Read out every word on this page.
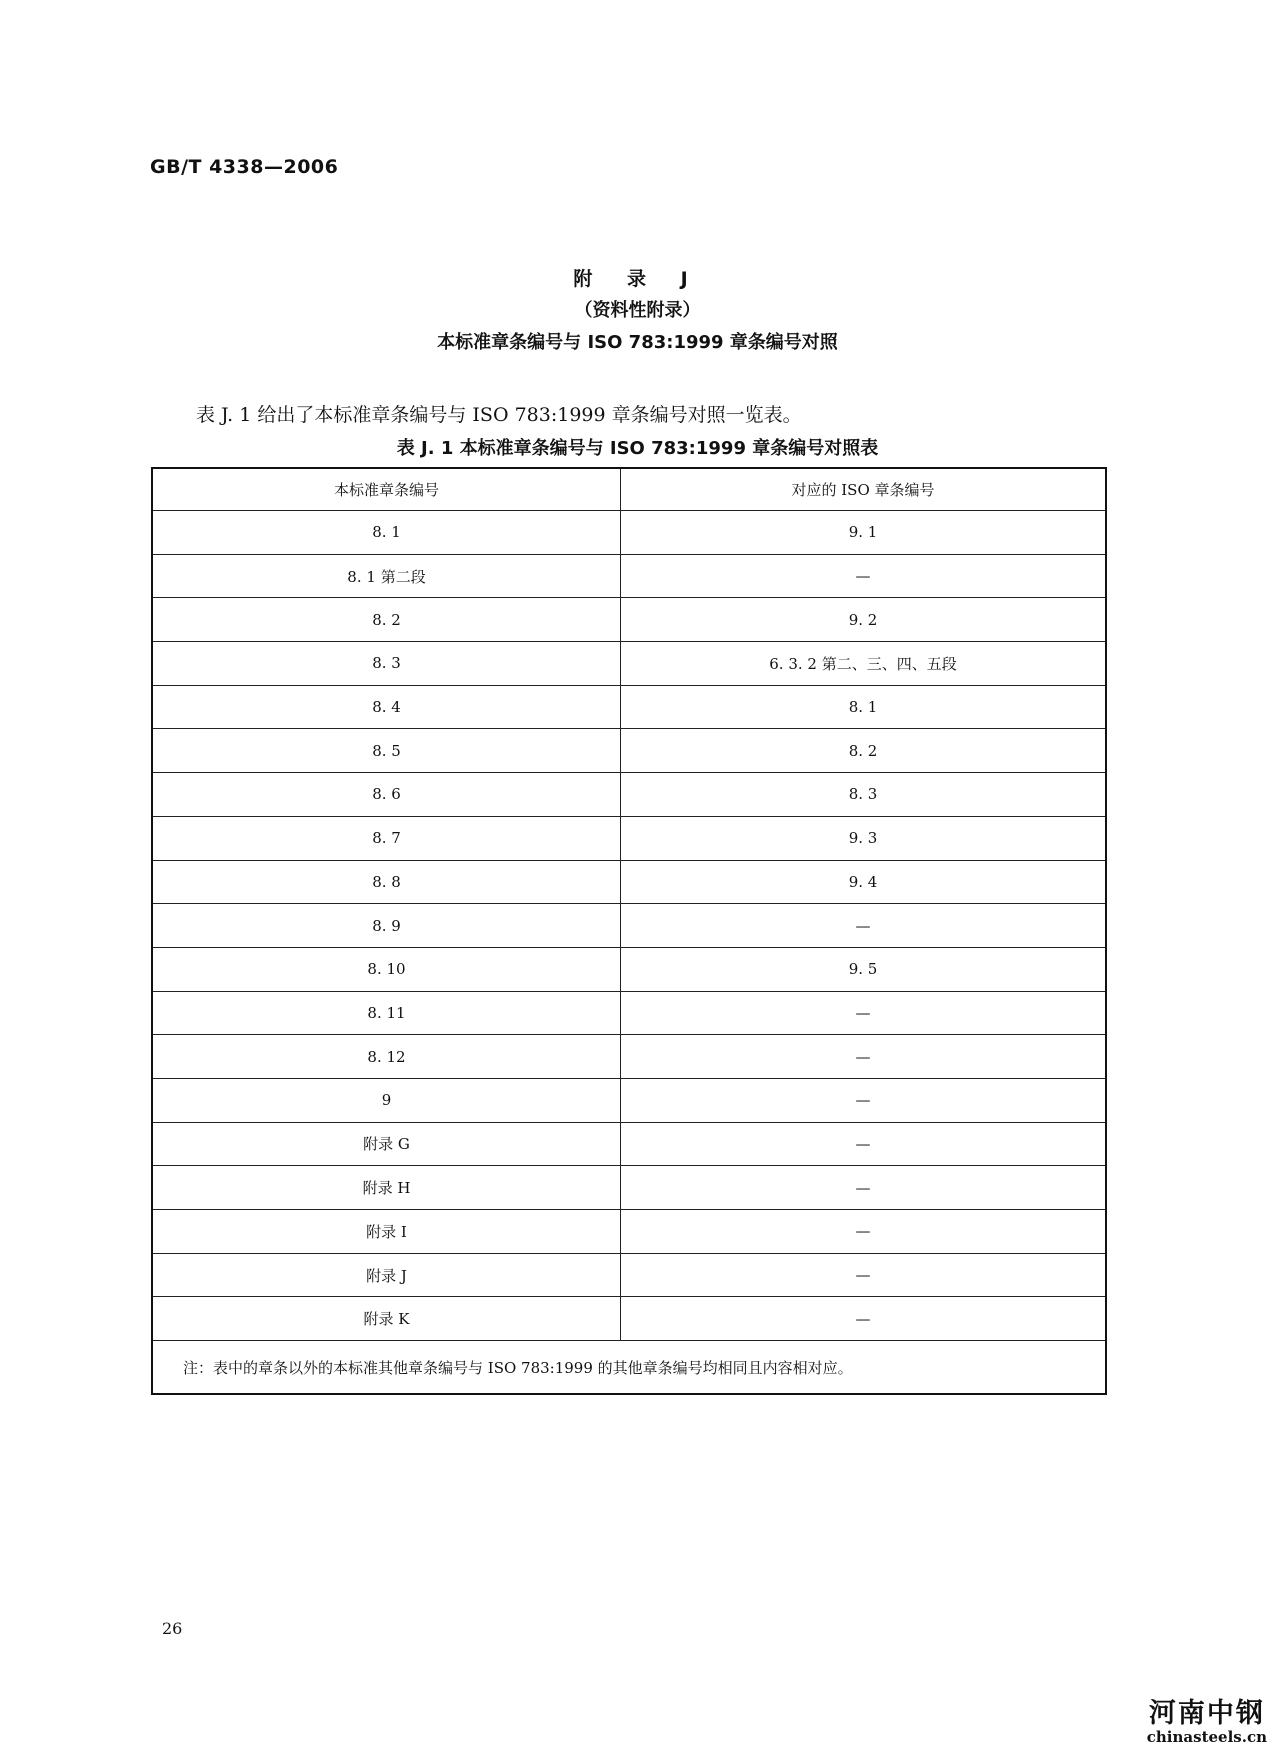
GB/T 4338—2006
附 录 J
（资料性附录）
本标准章条编号与 ISO 783:1999 章条编号对照
表 J. 1 给出了本标准章条编号与 ISO 783:1999 章条编号对照一览表。
表 J. 1 本标准章条编号与 ISO 783:1999 章条编号对照表
本标准章条编号	对应的 ISO 章条编号
8. 1	9. 1
8. 1 第二段	—
8. 2	9. 2
8. 3	6. 3. 2 第二、三、四、五段
8. 4	8. 1
8. 5	8. 2
8. 6	8. 3
8. 7	9. 3
8. 8	9. 4
8. 9	—
8. 10	9. 5
8. 11	—
8. 12	—
9	—
附录 G	—
附录 H	—
附录 I	—
附录 J	—
附录 K	—
注：表中的章条以外的本标准其他章条编号与 ISO 783:1999 的其他章条编号均相同且内容相对应。	
26
河南中钢
chinasteels.cn
